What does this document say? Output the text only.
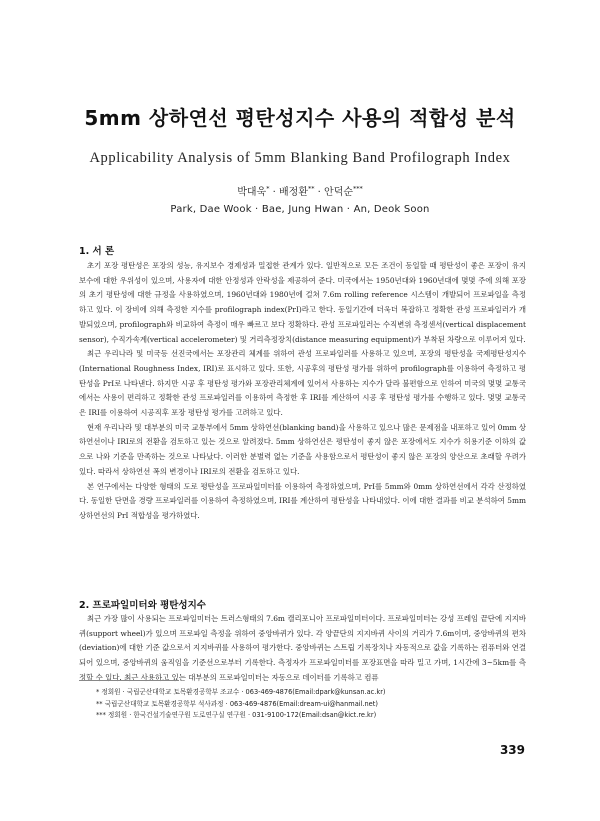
5mm 상하연선 평탄성지수 사용의 적합성 분석
Applicability Analysis of 5mm Blanking Band Profilograph Index
박대욱* · 배정환** · 안덕순***
Park, Dae Wook · Bae, Jung Hwan · An, Deok Soon
1. 서 론

초기 포장 평탄성은 포장의 성능, 유지보수 경제성과 밀접한 관계가 있다. 일반적으로 모든 조건이 동일할 때 평탄성이 좋은 포장이 유지보수에 대한 우위성이 있으며, 사용자에 대한 안정성과 안락성을 제공하여 준다. 미국에서는 1950년대와 1960년대에 몇몇 주에 의해 포장의 초기 평탄성에 대한 규정을 사용하였으며, 1960년대와 1980년에 걸쳐 7.6m rolling reference 시스템이 개발되어 프로파일을 측정하고 있다. 이 장비에 의해 측정한 지수를 profilograph index(PrI)라고 한다. 동일기간에 더욱더 복잡하고 정확한 관성 프로파일러가 개발되었으며, profilograph와 비교하여 측정이 매우 빠르고 보다 정확하다. 관성 프로파일러는 수직변위 측정센서(vertical displacement sensor), 수직가속계(vertical accelerometer) 및 거리측정장치(distance measuring equipment)가 부착된 차량으로 이루어져 있다.

최근 우리나라 및 미국등 선진국에서는 포장관리 체계를 위하여 관성 프로파일러를 사용하고 있으며, 포장의 평탄성을 국제평탄성지수(International Roughness Index, IRI)로 표시하고 있다. 또한, 시공후의 평탄성 평가를 위하여 profilograph를 이용하여 측정하고 평탄성을 PrI로 나타낸다. 하지만 시공 후 평탄성 평가와 포장관리체계에 있어서 사용하는 지수가 달라 불편함으로 인하여 미국의 몇몇 교통국에서는 사용이 편리하고 정확한 관성 프로파일러를 이용하여 측정한 후 IRI를 계산하여 시공 후 평탄성 평가를 수행하고 있다. 몇몇 교통국은 IRI를 이용하여 시공직후 포장 평탄성 평가를 고려하고 있다.

현재 우리나라 및 대부분의 미국 교통부에서 5mm 상하연선(blanking band)을 사용하고 있으나 많은 문제점을 내포하고 있어 0mm 상하연선이나 IRI로의 전환을 검토하고 있는 것으로 알려졌다. 5mm 상하연선은 평탄성이 좋지 않은 포장에서도 지수가 허용기준 이하의 값으로 나와 기준을 만족하는 것으로 나타났다. 이러한 분별력 없는 기준을 사용함으로서 평탄성이 좋지 않은 포장의 양산으로 초래할 우려가 있다. 따라서 상하연선 폭의 변경이나 IRI로의 전환을 검토하고 있다.

본 연구에서는 다양한 형태의 도로 평탄성을 프로파일미터를 이용하여 측정하였으며, PrI를 5mm와 0mm 상하연선에서 각각 산정하였다. 동일한 단면을 경량 프로파일러를 이용하여 측정하였으며, IRI를 계산하여 평탄성을 나타내었다. 이에 대한 결과를 비교 분석하여 5mm 상하연선의 PrI 적합성을 평가하였다.

2. 프로파일미터와 평탄성지수

최근 가장 많이 사용되는 프로파일미터는 트러스형태의 7.6m 캘리포니아 프로파일미터이다. 프로파일미터는 강성 프레임 끝단에 지지바퀴(support wheel)가 있으며 프로파일 측정을 위하여 중앙바퀴가 있다. 각 양끝단의 지지바퀴 사이의 거리가 7.6m이며, 중앙바퀴의 편차(deviation)에 대한 기준 값으로서 지지바퀴를 사용하여 평가한다. 중앙바퀴는 스트립 기록장치나 자동적으로 값을 기록하는 컴퓨터와 연결되어 있으며, 중앙바퀴의 움직임을 기준선으로부터 기록한다. 측정자가 프로파일미터를 포장표면을 따라 밀고 가며, 1시간에 3~5km를 측정할 수 있다. 최근 사용하고 있는 대부분의 프로파일미터는 자동으로 데이터를 기록하고 컴퓨

* 정회원 · 국립군산대학교 토목환경공학부 조교수 · 063-469-4876(Email:dpark@kunsan.ac.kr)
** 국립군산대학교 토목환경공학부 석사과정 · 063-469-4876(Email:dream-ui@hanmail.net)
*** 정회원 · 한국건설기술연구원 도로연구실 연구원 · 031-9100-172(Email:dsan@kict.re.kr)
339
